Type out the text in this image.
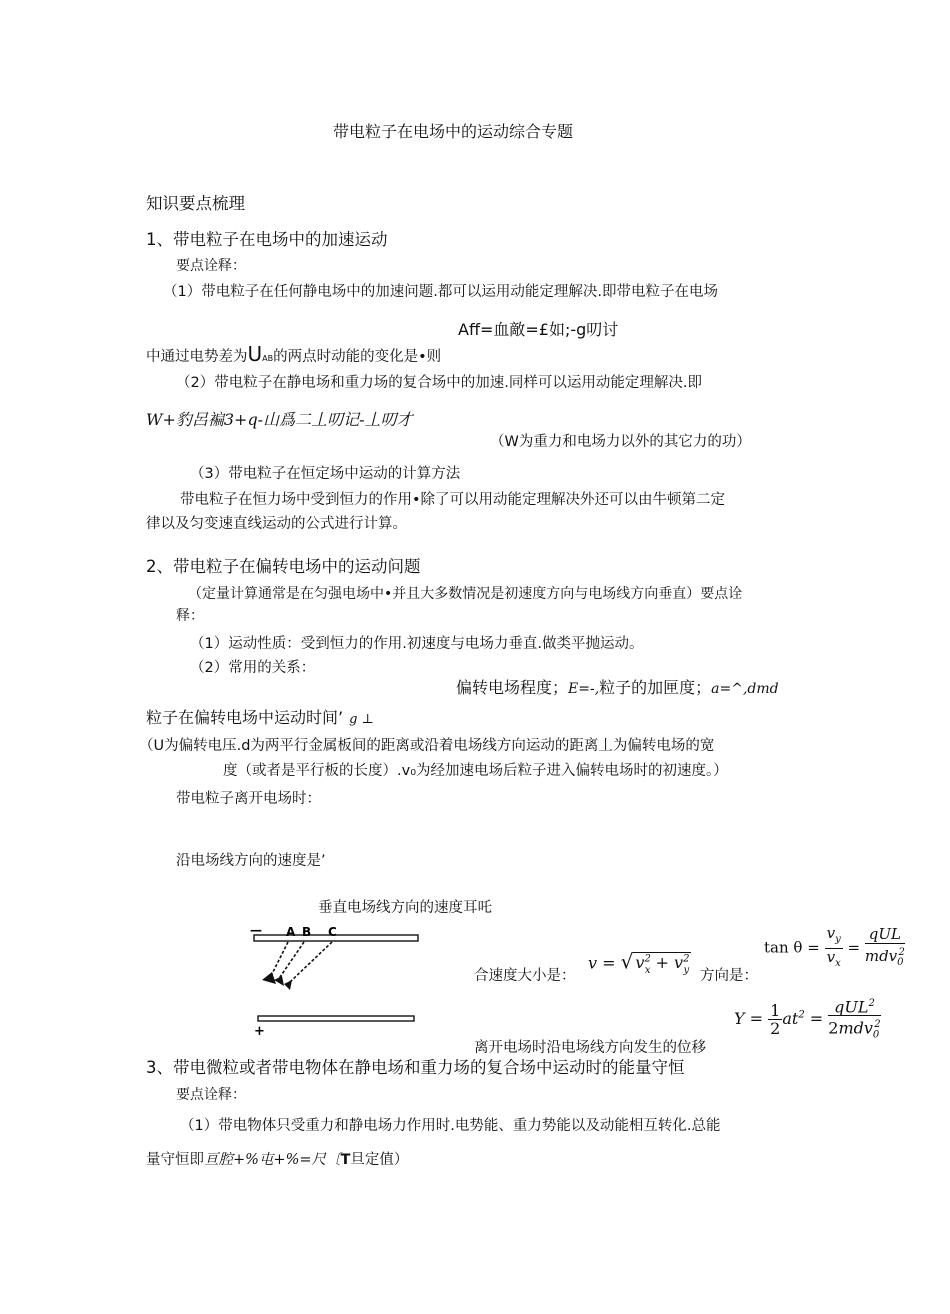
带电粒子在电场中的运动综合专题
知识要点梳理
1、带电粒子在电场中的加速运动
要点诠释：
（1）带电粒子在任何静电场中的加速问题.都可以运用动能定理解决.即带电粒子在电场
Aff=血敵=£如;-g叨讨
中通过电势差为UAB的两点时动能的变化是•则
（2）带电粒子在静电场和重力场的复合场中的加速.同样可以运用动能定理解决.即
W+豹呂褊3+q-山爲二丄叨记-丄叨才
（W为重力和电场力以外的其它力的功）
（3）带电粒子在恒定场中运动的计算方法
带电粒子在恒力场中受到恒力的作用•除了可以用动能定理解决外还可以由牛顿第二定
律以及匀变速直线运动的公式进行计算。
2、带电粒子在偏转电场中的运动问题
（定量计算通常是在匀强电场中•并且大多数情况是初速度方向与电场线方向垂直）要点诠
释：
（1）运动性质：受到恒力的作用.初速度与电场力垂直.做类平抛运动。
（2）常用的关系：
偏转电场程度；E=-,粒子的加匣度；a=^,dmd
粒子在偏转电场中运动时间’ g ⊥
（U为偏转电压.d为两平行金属板间的距离或沿着电场线方向运动的距离丄为偏转电场的宽
度（或者是平行板的长度）.v₀为经加速电场后粒子进入偏转电场时的初速度。）
带电粒子离开电场时：
沿电场线方向的速度是’
垂直电场线方向的速度耳吒
— A B C
+
合速度大小是：
v = √ $v^2_x + v^2_y$ 方向是：
$\tan \theta = \frac{v_y}{v_x} = \frac{\text{qUL}}{mdv_0^2}$
$Y = \frac{1}{2} at^2 = \frac{qUL^2}{2mdv_0^2}$
离开电场时沿电场线方向发生的位移
3、带电微粒或者带电物体在静电场和重力场的复合场中运动时的能量守恒
要点诠释：
（1）带电物体只受重力和静电场力作用时.电势能、重力势能以及动能相互转化.总能
量守恒即亘腔+%屯+%=尺〔T旦定值）
